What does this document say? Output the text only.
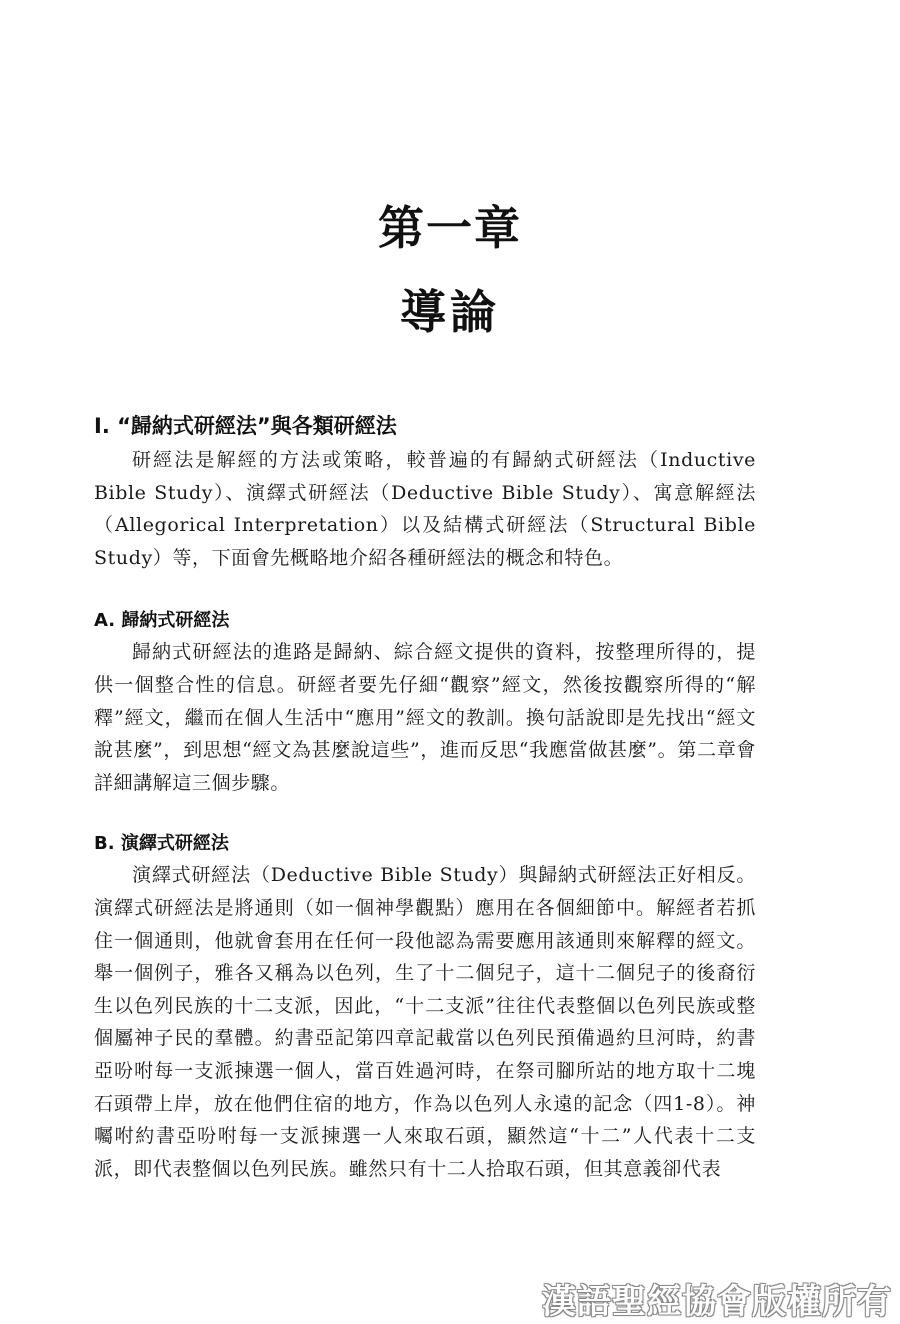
第一章
導論
I. “歸納式研經法”與各類研經法

研經法是解經的方法或策略，較普遍的有歸納式研經法（Inductive Bible Study）、演繹式研經法（Deductive Bible Study）、寓意解經法（Allegorical Interpretation）以及結構式研經法（Structural Bible Study）等，下面會先概略地介紹各種研經法的概念和特色。

A. 歸納式研經法

歸納式研經法的進路是歸納、綜合經文提供的資料，按整理所得的，提供一個整合性的信息。研經者要先仔細“觀察”經文，然後按觀察所得的“解釋”經文，繼而在個人生活中“應用”經文的教訓。換句話說即是先找出“經文說甚麼”，到思想“經文為甚麼說這些”，進而反思“我應當做甚麼”。第二章會詳細講解這三個步驟。

B. 演繹式研經法

演繹式研經法（Deductive Bible Study）與歸納式研經法正好相反。演繹式研經法是將通則（如一個神學觀點）應用在各個細節中。解經者若抓住一個通則，他就會套用在任何一段他認為需要應用該通則來解釋的經文。舉一個例子，雅各又稱為以色列，生了十二個兒子，這十二個兒子的後裔衍生以色列民族的十二支派，因此，“十二支派”往往代表整個以色列民族或整個屬神子民的羣體。約書亞記第四章記載當以色列民預備過約旦河時，約書亞吩咐每一支派揀選一個人，當百姓過河時，在祭司腳所站的地方取十二塊石頭帶上岸，放在他們住宿的地方，作為以色列人永遠的記念（四1-8）。神囑咐約書亞吩咐每一支派揀選一人來取石頭，顯然這“十二”人代表十二支派，即代表整個以色列民族。雖然只有十二人拾取石頭，但其意義卻代表

漢語聖經協會版權所有
